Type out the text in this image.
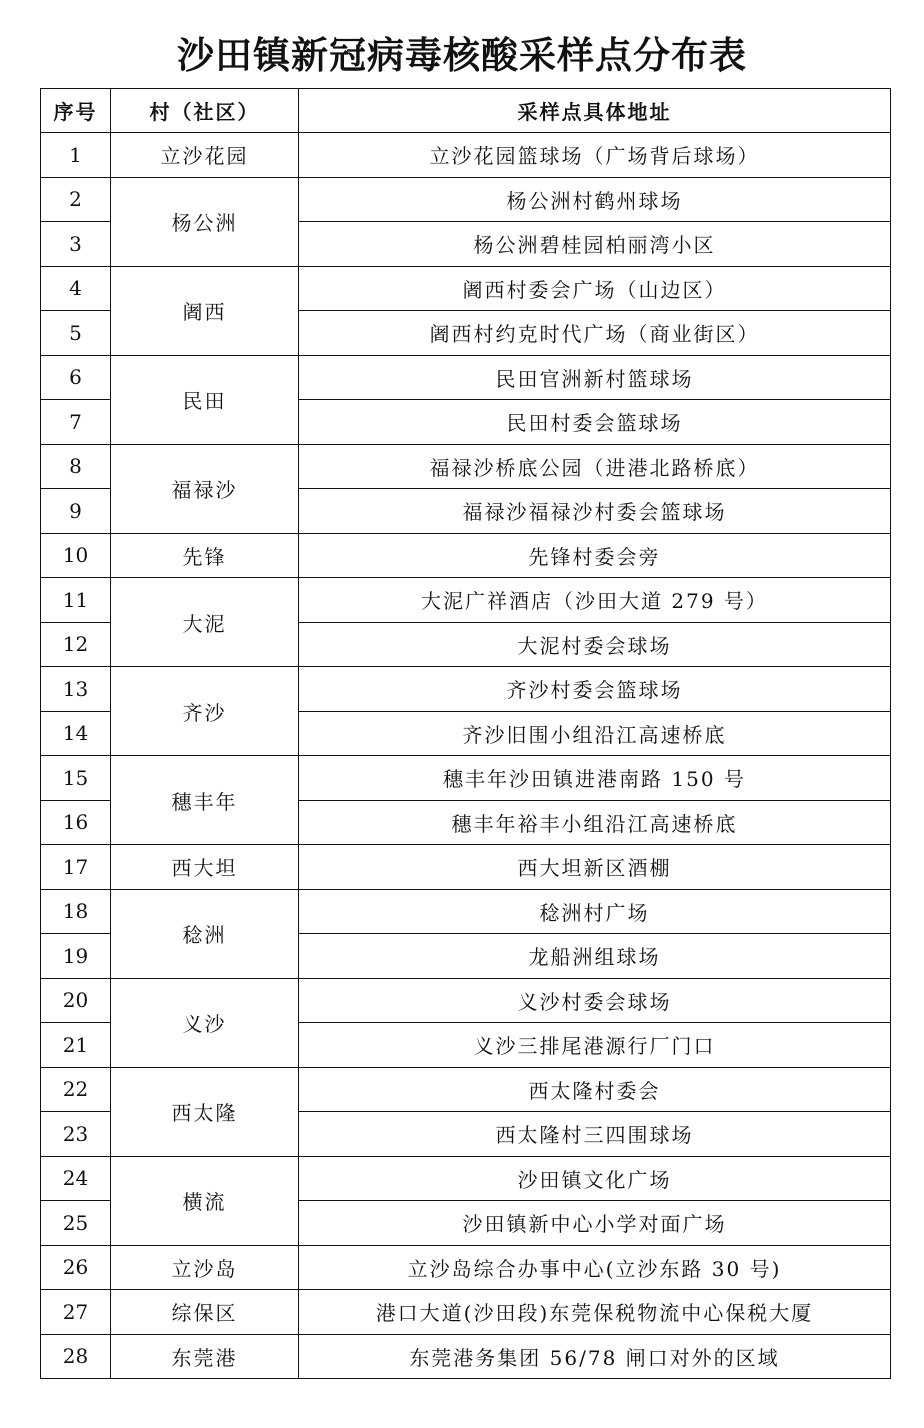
沙田镇新冠病毒核酸采样点分布表
序号	村（社区）	采样点具体地址
1	立沙花园	立沙花园篮球场（广场背后球场）
2	杨公洲	杨公洲村鹤州球场
3		杨公洲碧桂园柏丽湾小区
4	阇西	阇西村委会广场（山边区）
5		阇西村约克时代广场（商业街区）
6	民田	民田官洲新村篮球场
7		民田村委会篮球场
8	福禄沙	福禄沙桥底公园（进港北路桥底）
9		福禄沙福禄沙村委会篮球场
10	先锋	先锋村委会旁
11	大泥	大泥广祥酒店（沙田大道 279 号）
12		大泥村委会球场
13	齐沙	齐沙村委会篮球场
14		齐沙旧围小组沿江高速桥底
15	穗丰年	穗丰年沙田镇进港南路 150 号
16		穗丰年裕丰小组沿江高速桥底
17	西大坦	西大坦新区酒棚
18	稔洲	稔洲村广场
19		龙船洲组球场
20	义沙	义沙村委会球场
21		义沙三排尾港源行厂门口
22	西太隆	西太隆村委会
23		西太隆村三四围球场
24	横流	沙田镇文化广场
25		沙田镇新中心小学对面广场
26	立沙岛	立沙岛综合办事中心(立沙东路 30 号)
27	综保区	港口大道(沙田段)东莞保税物流中心保税大厦
28	东莞港	东莞港务集团 56/78 闸口对外的区域
